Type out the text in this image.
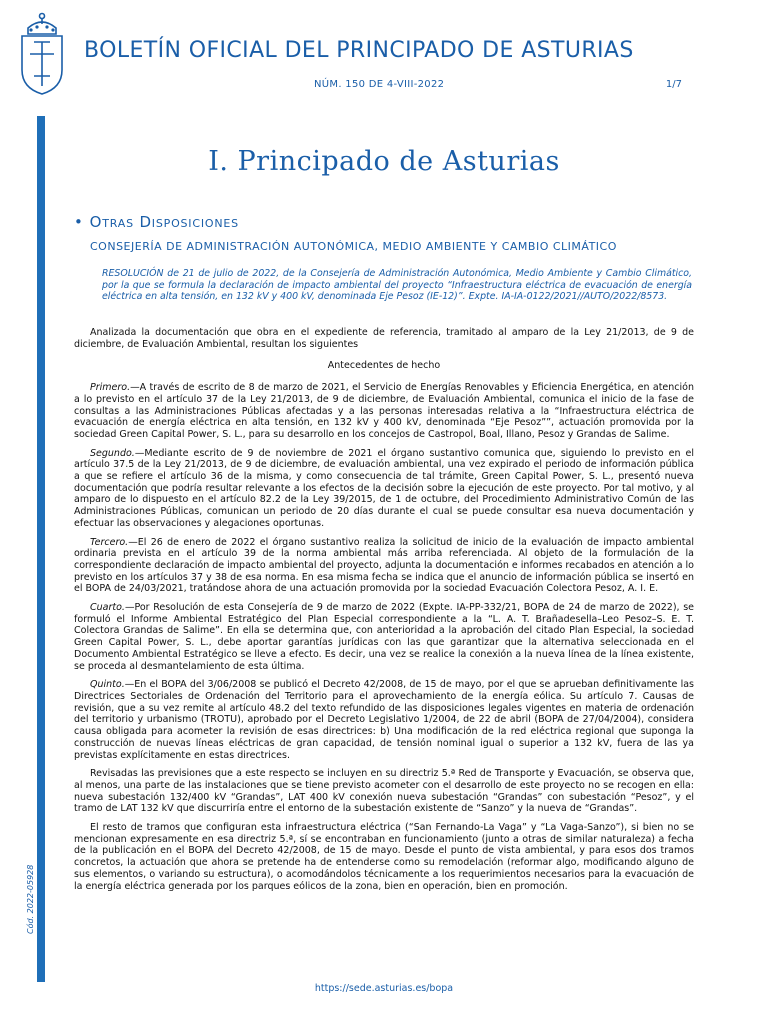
BOLETÍN OFICIAL DEL PRINCIPADO DE ASTURIAS
NÚM. 150 DE 4-VIII-2022	1/7
Cód. 2022-05928
I. Principado de Asturias
• Otras Disposiciones
CONSEJERÍA DE ADMINISTRACIÓN AUTONÓMICA, MEDIO AMBIENTE Y CAMBIO CLIMÁTICO
RESOLUCIÓN de 21 de julio de 2022, de la Consejería de Administración Autonómica, Medio Ambiente y Cambio Climático, por la que se formula la declaración de impacto ambiental del proyecto “Infraestructura eléctrica de evacuación de energía eléctrica en alta tensión, en 132 kV y 400 kV, denominada Eje Pesoz (IE-12)”. Expte. IA-IA-0122/2021//AUTO/2022/8573.

Analizada la documentación que obra en el expediente de referencia, tramitado al amparo de la Ley 21/2013, de 9 de diciembre, de Evaluación Ambiental, resultan los siguientes

Antecedentes de hecho

Primero.—A través de escrito de 8 de marzo de 2021, el Servicio de Energías Renovables y Eficiencia Energética, en atención a lo previsto en el artículo 37 de la Ley 21/2013, de 9 de diciembre, de Evaluación Ambiental, comunica el inicio de la fase de consultas a las Administraciones Públicas afectadas y a las personas interesadas relativa a la “Infraestructura eléctrica de evacuación de energía eléctrica en alta tensión, en 132 kV y 400 kV, denominada “Eje Pesoz””, actuación promovida por la sociedad Green Capital Power, S. L., para su desarrollo en los concejos de Castropol, Boal, Illano, Pesoz y Grandas de Salime.

Segundo.—Mediante escrito de 9 de noviembre de 2021 el órgano sustantivo comunica que, siguiendo lo previsto en el artículo 37.5 de la Ley 21/2013, de 9 de diciembre, de evaluación ambiental, una vez expirado el periodo de información pública a que se refiere el artículo 36 de la misma, y como consecuencia de tal trámite, Green Capital Power, S. L., presentó nueva documentación que podría resultar relevante a los efectos de la decisión sobre la ejecución de este proyecto. Por tal motivo, y al amparo de lo dispuesto en el artículo 82.2 de la Ley 39/2015, de 1 de octubre, del Procedimiento Administrativo Común de las Administraciones Públicas, comunican un periodo de 20 días durante el cual se puede consultar esa nueva documentación y efectuar las observaciones y alegaciones oportunas.

Tercero.—El 26 de enero de 2022 el órgano sustantivo realiza la solicitud de inicio de la evaluación de impacto ambiental ordinaria prevista en el artículo 39 de la norma ambiental más arriba referenciada. Al objeto de la formulación de la correspondiente declaración de impacto ambiental del proyecto, adjunta la documentación e informes recabados en atención a lo previsto en los artículos 37 y 38 de esa norma. En esa misma fecha se indica que el anuncio de información pública se insertó en el BOPA de 24/03/2021, tratándose ahora de una actuación promovida por la sociedad Evacuación Colectora Pesoz, A. I. E.

Cuarto.—Por Resolución de esta Consejería de 9 de marzo de 2022 (Expte. IA-PP-332/21, BOPA de 24 de marzo de 2022), se formuló el Informe Ambiental Estratégico del Plan Especial correspondiente a la “L. A. T. Brañadesella–Leo Pesoz–S. E. T. Colectora Grandas de Salime”. En ella se determina que, con anterioridad a la aprobación del citado Plan Especial, la sociedad Green Capital Power, S. L., debe aportar garantías jurídicas con las que garantizar que la alternativa seleccionada en el Documento Ambiental Estratégico se lleve a efecto. Es decir, una vez se realice la conexión a la nueva línea de la línea existente, se proceda al desmantelamiento de esta última.

Quinto.—En el BOPA del 3/06/2008 se publicó el Decreto 42/2008, de 15 de mayo, por el que se aprueban definitivamente las Directrices Sectoriales de Ordenación del Territorio para el aprovechamiento de la energía eólica. Su artículo 7. Causas de revisión, que a su vez remite al artículo 48.2 del texto refundido de las disposiciones legales vigentes en materia de ordenación del territorio y urbanismo (TROTU), aprobado por el Decreto Legislativo 1/2004, de 22 de abril (BOPA de 27/04/2004), considera causa obligada para acometer la revisión de esas directrices: b) Una modificación de la red eléctrica regional que suponga la construcción de nuevas líneas eléctricas de gran capacidad, de tensión nominal igual o superior a 132 kV, fuera de las ya previstas explícitamente en estas directrices.

Revisadas las previsiones que a este respecto se incluyen en su directriz 5.ª Red de Transporte y Evacuación, se observa que, al menos, una parte de las instalaciones que se tiene previsto acometer con el desarrollo de este proyecto no se recogen en ella: nueva subestación 132/400 kV “Grandas”, LAT 400 kV conexión nueva subestación “Grandas” con subestación “Pesoz”, y el tramo de LAT 132 kV que discurriría entre el entorno de la subestación existente de “Sanzo” y la nueva de “Grandas”.

El resto de tramos que configuran esta infraestructura eléctrica (“San Fernando-La Vaga” y “La Vaga-Sanzo”), si bien no se mencionan expresamente en esa directriz 5.ª, sí se encontraban en funcionamiento (junto a otras de similar naturaleza) a fecha de la publicación en el BOPA del Decreto 42/2008, de 15 de mayo. Desde el punto de vista ambiental, y para esos dos tramos concretos, la actuación que ahora se pretende ha de entenderse como su remodelación (reformar algo, modificando alguno de sus elementos, o variando su estructura), o acomodándolos técnicamente a los requerimientos necesarios para la evacuación de la energía eléctrica generada por los parques eólicos de la zona, bien en operación, bien en promoción.

https://sede.asturias.es/bopa
